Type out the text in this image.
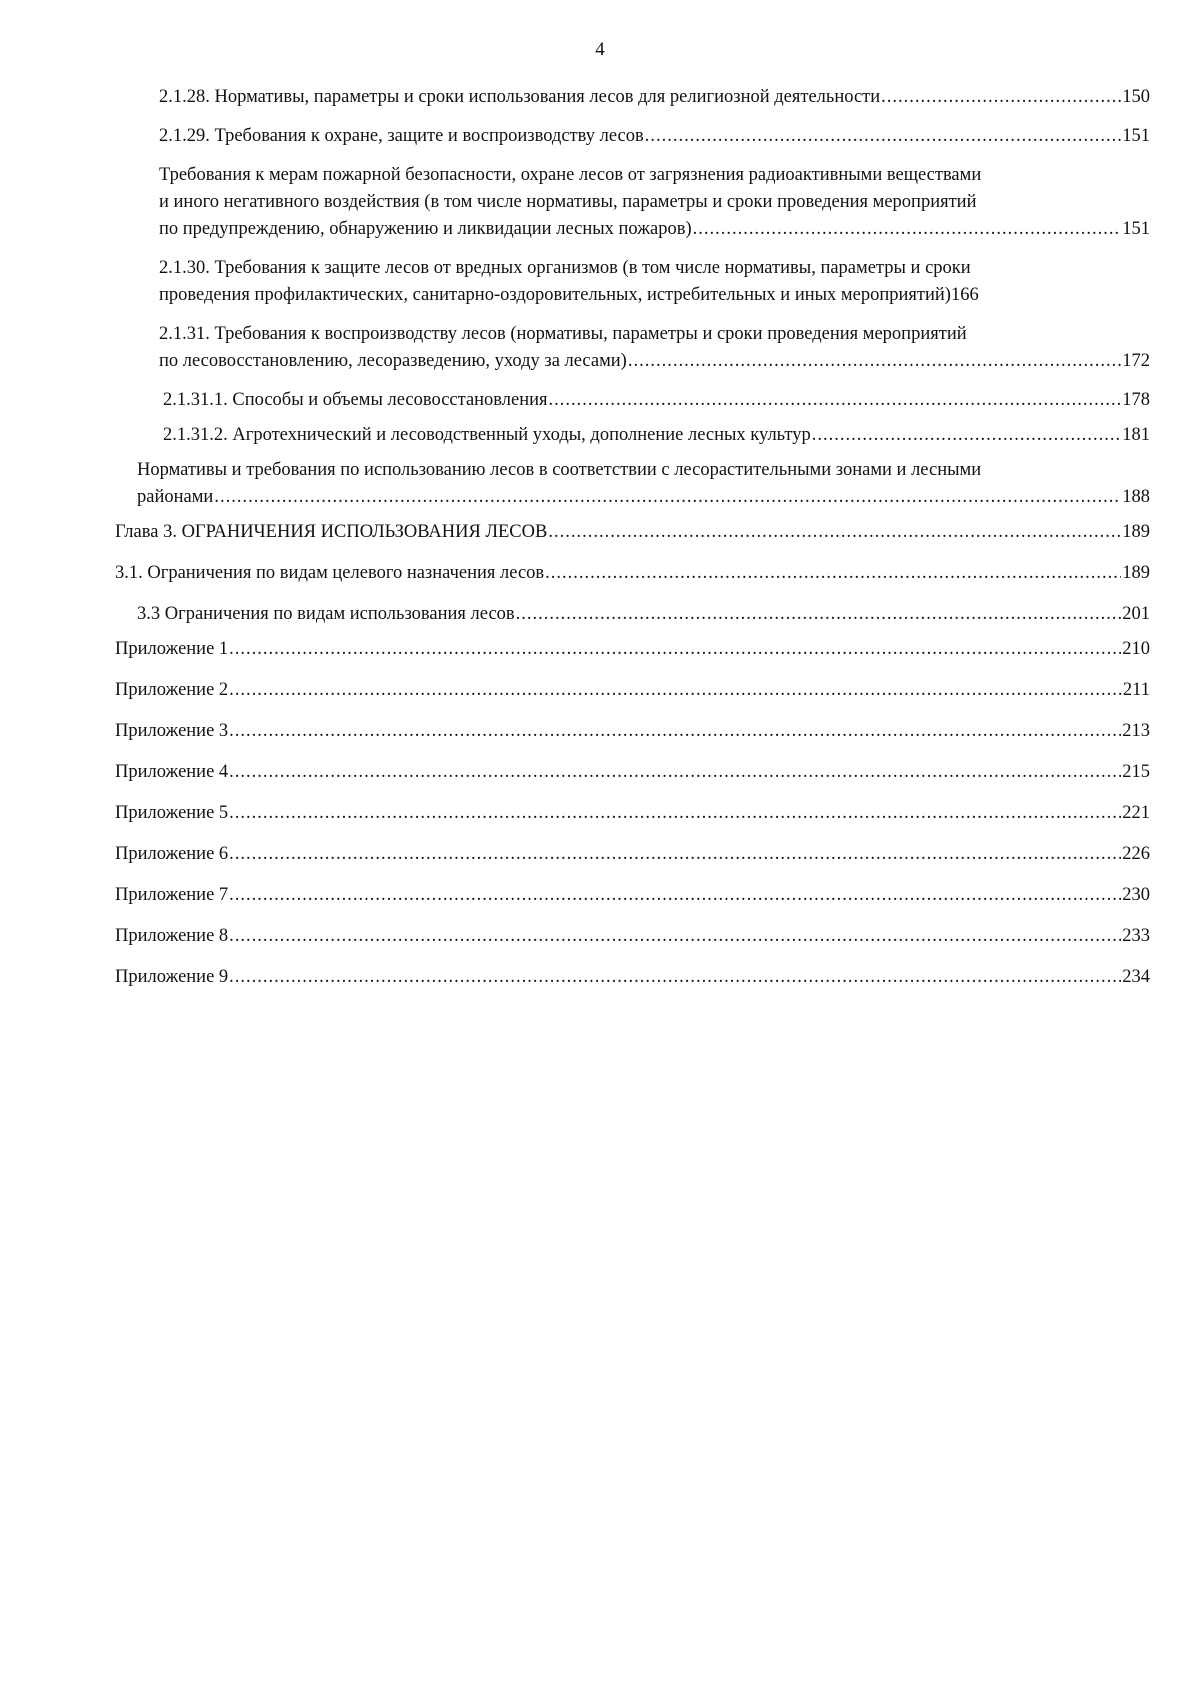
4
2.1.28. Нормативы, параметры и сроки использования лесов для религиозной деятельности .....	150
2.1.29. Требования к охране, защите и воспроизводству лесов .....	151
Требования к мерам пожарной безопасности, охране лесов от загрязнения радиоактивными веществами
и иного негативного воздействия (в том числе нормативы, параметры и сроки проведения мероприятий
по предупреждению, обнаружению и ликвидации лесных пожаров) .....	151
2.1.30. Требования к защите лесов от вредных организмов (в том числе нормативы, параметры и сроки
проведения профилактических, санитарно-оздоровительных, истребительных и иных мероприятий) 166
2.1.31. Требования к воспроизводству лесов (нормативы, параметры и сроки проведения мероприятий
по лесовосстановлению, лесоразведению, уходу за лесами) .....	172
2.1.31.1. Способы и объемы лесовосстановления .....	178
2.1.31.2. Агротехнический и лесоводственный уходы, дополнение лесных культур .....	181
Нормативы и требования по использованию лесов в соответствии с лесорастительными зонами и лесными
районами .....	188
Глава 3. ОГРАНИЧЕНИЯ ИСПОЛЬЗОВАНИЯ ЛЕСОВ .....	189
3.1. Ограничения по видам целевого назначения лесов .....	189
3.3 Ограничения по видам использования лесов .....	201
Приложение 1 .....	210
Приложение 2 .....	211
Приложение 3 .....	213
Приложение 4 .....	215
Приложение 5 .....	221
Приложение 6 .....	226
Приложение 7 .....	230
Приложение 8 .....	233
Приложение 9 .....	234
